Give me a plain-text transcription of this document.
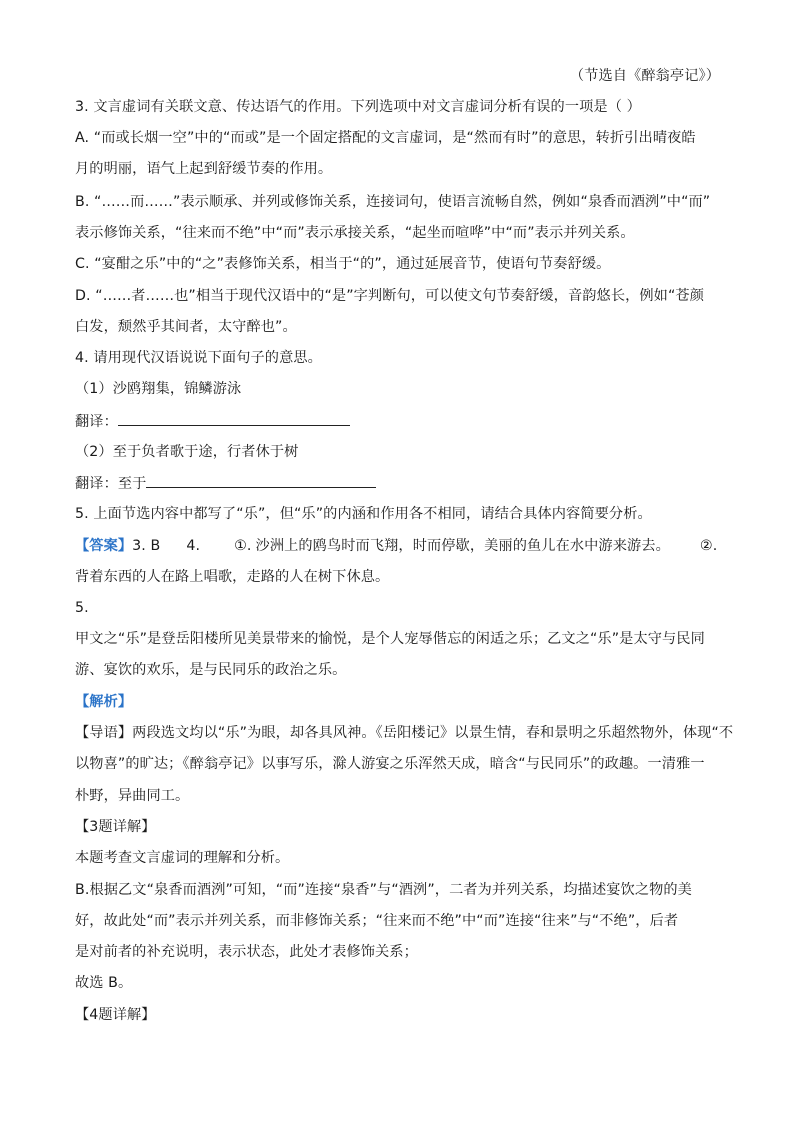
（节选自《醉翁亭记》）
3. 文言虚词有关联文意、传达语气的作用。下列选项中对文言虚词分析有误的一项是（ ）
A. “而或长烟一空”中的“而或”是一个固定搭配的文言虚词，是“然而有时”的意思，转折引出晴夜皓
月的明丽，语气上起到舒缓节奏的作用。
B. “……而……”表示顺承、并列或修饰关系，连接词句，使语言流畅自然，例如“泉香而酒洌”中“而”
表示修饰关系，“往来而不绝”中“而”表示承接关系，“起坐而喧哗”中“而”表示并列关系。
C. “宴酣之乐”中的“之”表修饰关系，相当于“的”，通过延展音节，使语句节奏舒缓。
D. “……者……也”相当于现代汉语中的“是”字判断句，可以使文句节奏舒缓，音韵悠长，例如“苍颜
白发，颓然乎其间者，太守醉也”。
4. 请用现代汉语说说下面句子的意思。
（1）沙鸥翔集，锦鳞游泳
翻译：
（2）至于负者歌于途，行者休于树
翻译：至于
5. 上面节选内容中都写了“乐”，但“乐”的内涵和作用各不相同，请结合具体内容简要分析。
【答案】3. B 4. ①. 沙洲上的鸥鸟时而飞翔，时而停歇，美丽的鱼儿在水中游来游去。 ②.
背着东西的人在路上唱歌，走路的人在树下休息。
5.
甲文之“乐”是登岳阳楼所见美景带来的愉悦，是个人宠辱偕忘的闲适之乐；乙文之“乐”是太守与民同
游、宴饮的欢乐，是与民同乐的政治之乐。
【解析】
【导语】两段选文均以“乐”为眼，却各具风神。《岳阳楼记》以景生情，春和景明之乐超然物外，体现“不
以物喜”的旷达；《醉翁亭记》以事写乐，滁人游宴之乐浑然天成，暗含“与民同乐”的政趣。一清雅一
朴野，异曲同工。
【3题详解】
本题考查文言虚词的理解和分析。
B.根据乙文“泉香而酒洌”可知，“而”连接“泉香”与“酒洌”，二者为并列关系，均描述宴饮之物的美
好，故此处“而”表示并列关系，而非修饰关系；“往来而不绝”中“而”连接“往来”与“不绝”，后者
是对前者的补充说明，表示状态，此处才表修饰关系；
故选 B。
【4题详解】
